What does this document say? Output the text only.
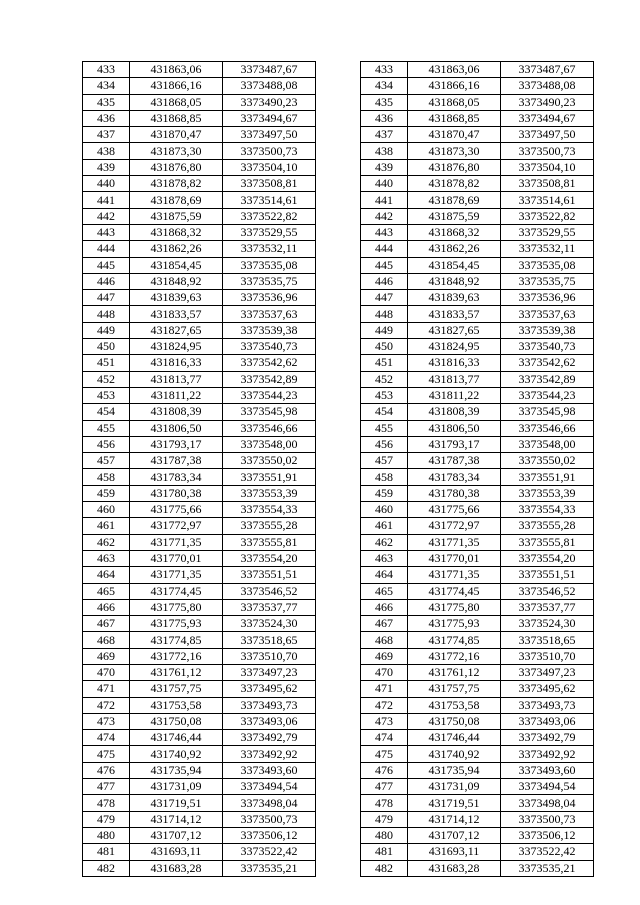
433	431863,06	3373487,67		433	431863,06	3373487,67
434	431866,16	3373488,08		434	431866,16	3373488,08
435	431868,05	3373490,23		435	431868,05	3373490,23
436	431868,85	3373494,67		436	431868,85	3373494,67
437	431870,47	3373497,50		437	431870,47	3373497,50
438	431873,30	3373500,73		438	431873,30	3373500,73
439	431876,80	3373504,10		439	431876,80	3373504,10
440	431878,82	3373508,81		440	431878,82	3373508,81
441	431878,69	3373514,61		441	431878,69	3373514,61
442	431875,59	3373522,82		442	431875,59	3373522,82
443	431868,32	3373529,55		443	431868,32	3373529,55
444	431862,26	3373532,11		444	431862,26	3373532,11
445	431854,45	3373535,08		445	431854,45	3373535,08
446	431848,92	3373535,75		446	431848,92	3373535,75
447	431839,63	3373536,96		447	431839,63	3373536,96
448	431833,57	3373537,63		448	431833,57	3373537,63
449	431827,65	3373539,38		449	431827,65	3373539,38
450	431824,95	3373540,73		450	431824,95	3373540,73
451	431816,33	3373542,62		451	431816,33	3373542,62
452	431813,77	3373542,89		452	431813,77	3373542,89
453	431811,22	3373544,23		453	431811,22	3373544,23
454	431808,39	3373545,98		454	431808,39	3373545,98
455	431806,50	3373546,66		455	431806,50	3373546,66
456	431793,17	3373548,00		456	431793,17	3373548,00
457	431787,38	3373550,02		457	431787,38	3373550,02
458	431783,34	3373551,91		458	431783,34	3373551,91
459	431780,38	3373553,39		459	431780,38	3373553,39
460	431775,66	3373554,33		460	431775,66	3373554,33
461	431772,97	3373555,28		461	431772,97	3373555,28
462	431771,35	3373555,81		462	431771,35	3373555,81
463	431770,01	3373554,20		463	431770,01	3373554,20
464	431771,35	3373551,51		464	431771,35	3373551,51
465	431774,45	3373546,52		465	431774,45	3373546,52
466	431775,80	3373537,77		466	431775,80	3373537,77
467	431775,93	3373524,30		467	431775,93	3373524,30
468	431774,85	3373518,65		468	431774,85	3373518,65
469	431772,16	3373510,70		469	431772,16	3373510,70
470	431761,12	3373497,23		470	431761,12	3373497,23
471	431757,75	3373495,62		471	431757,75	3373495,62
472	431753,58	3373493,73		472	431753,58	3373493,73
473	431750,08	3373493,06		473	431750,08	3373493,06
474	431746,44	3373492,79		474	431746,44	3373492,79
475	431740,92	3373492,92		475	431740,92	3373492,92
476	431735,94	3373493,60		476	431735,94	3373493,60
477	431731,09	3373494,54		477	431731,09	3373494,54
478	431719,51	3373498,04		478	431719,51	3373498,04
479	431714,12	3373500,73		479	431714,12	3373500,73
480	431707,12	3373506,12		480	431707,12	3373506,12
481	431693,11	3373522,42		481	431693,11	3373522,42
482	431683,28	3373535,21		482	431683,28	3373535,21
